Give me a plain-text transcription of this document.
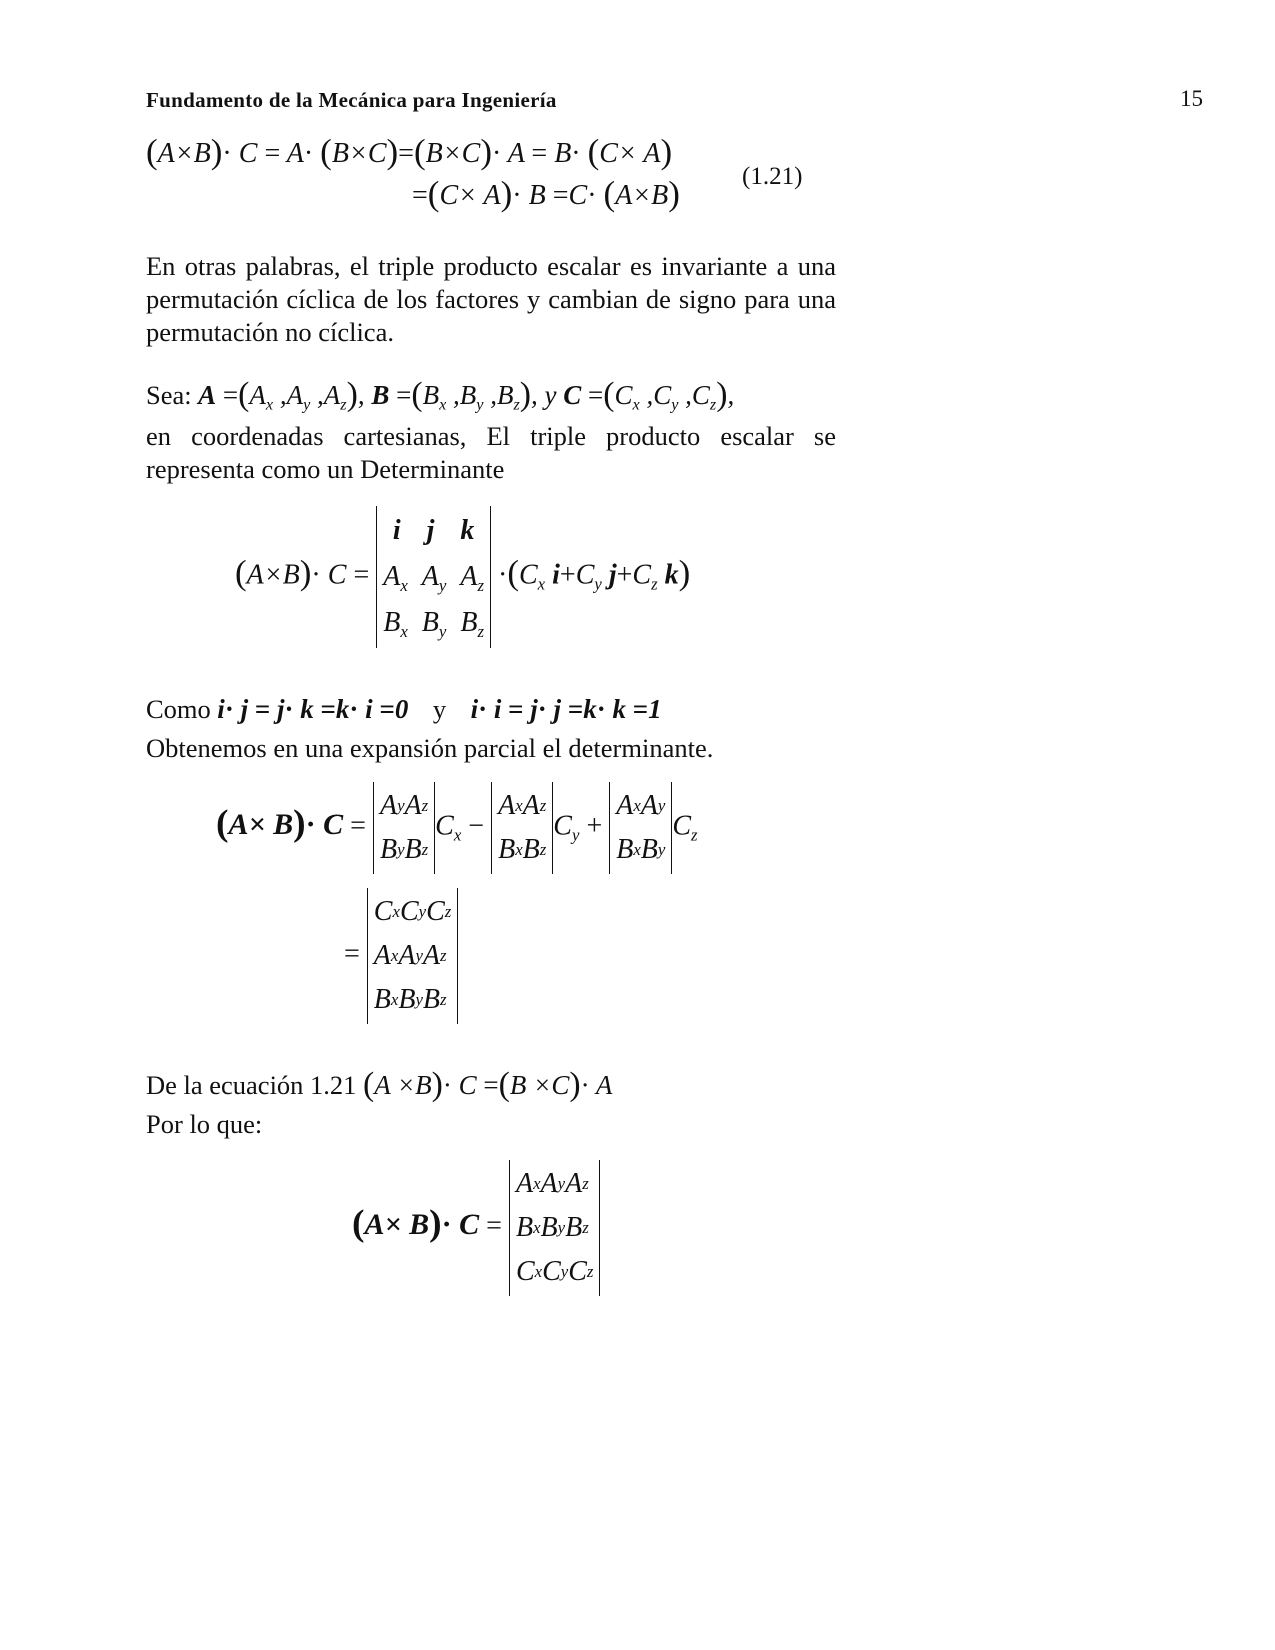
Fundamento de la Mecánica para Ingeniería	15
(A×B)· C = A· (B×C)=(B×C)· A = B· (C× A)
=(C× A)· B =C· (A×B) (1.21)
En otras palabras, el triple producto escalar es invariante a una permutación cíclica de los factores y cambian de signo para una permutación no cíclica.
Sea: $A =(A_x$ $,A_y$ $,A_z$), $B =(B_x$ $,B_y$ $,B_z$), y $C =(C_x$ $,C_y$ $,C_z$),
en coordenadas cartesianas, El triple producto escalar se representa como un Determinante
(A×B)· C =
i j k
$A_x$ $A_y$ $A_z$
$B_x$ $B_y$ $B_z$
$\cdot(C_x$ $i+C_y$ $j+C_z$ k)
Como i· j = j· k =k· i =0 y i· i = j· j =k· k =1
Obtenemos en una expansión parcial el determinante.
(A× B)· C =
A y A z
B y B z
$C_x$ −
A x A z
B x B z
$C_y$ +
A x A y
B x B y
$C_z$
=
C x C y C z
A x A y A z
B x B y B z
De la ecuación 1.21 (A ×B)· C =(B ×C)· A
Por lo que:
(A× B)· C =
A x A y A z
B x B y B z
C x C y C z
